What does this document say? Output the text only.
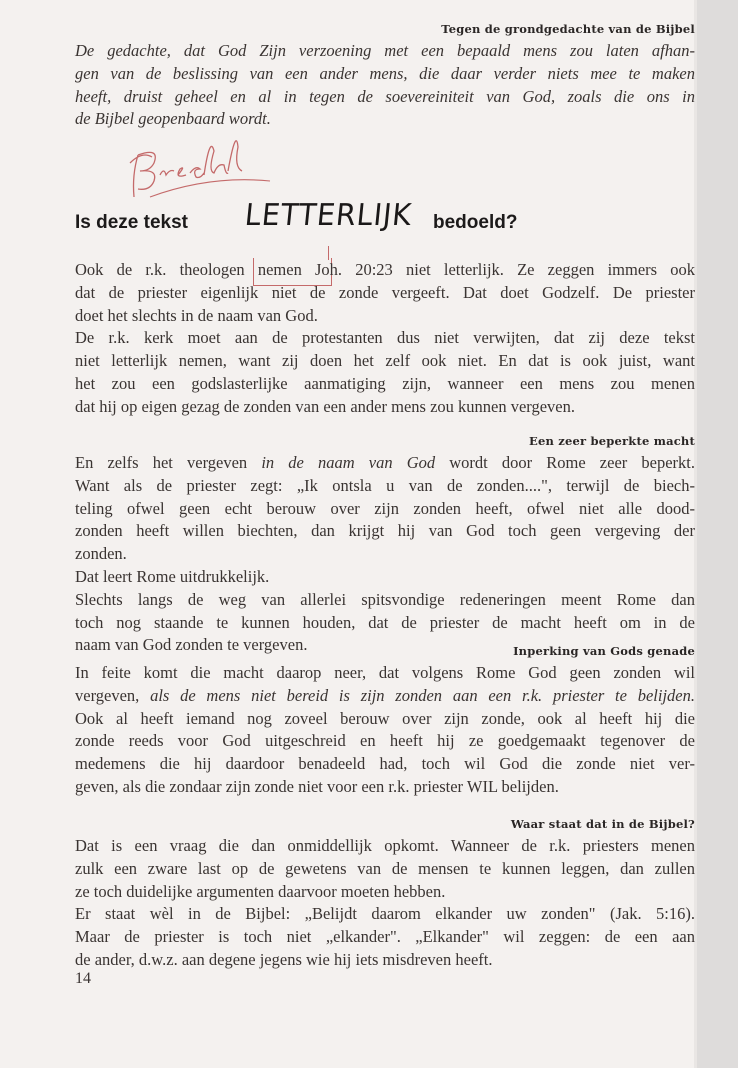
Tegen de grondgedachte van de Bijbel
De gedachte, dat God Zijn verzoening met een bepaald mens zou laten afhan-
gen van de beslissing van een ander mens, die daar verder niets mee te maken
heeft, druist geheel en al in tegen de soevereiniteit van God, zoals die ons in
de Bijbel geopenbaard wordt.
Is deze tekst LETTERLIJK bedoeld?
Ook de r.k. theologen nemen Joh. 20:23 niet letterlijk. Ze zeggen immers ook
dat de priester eigenlijk niet de zonde vergeeft. Dat doet Godzelf. De priester
doet het slechts in de naam van God.
De r.k. kerk moet aan de protestanten dus niet verwijten, dat zij deze tekst
niet letterlijk nemen, want zij doen het zelf ook niet. En dat is ook juist, want
het zou een godslasterlijke aanmatiging zijn, wanneer een mens zou menen
dat hij op eigen gezag de zonden van een ander mens zou kunnen vergeven.
Een zeer beperkte macht
En zelfs het vergeven in de naam van God wordt door Rome zeer beperkt.
Want als de priester zegt: „Ik ontsla u van de zonden....", terwijl de biech-
teling ofwel geen echt berouw over zijn zonden heeft, ofwel niet alle dood-
zonden heeft willen biechten, dan krijgt hij van God toch geen vergeving der
zonden.
Dat leert Rome uitdrukkelijk.
Slechts langs de weg van allerlei spitsvondige redeneringen meent Rome dan
toch nog staande te kunnen houden, dat de priester de macht heeft om in de
naam van God zonden te vergeven.	Inperking van Gods genade
In feite komt die macht daarop neer, dat volgens Rome God geen zonden wil
vergeven, als de mens niet bereid is zijn zonden aan een r.k. priester te belijden.
Ook al heeft iemand nog zoveel berouw over zijn zonde, ook al heeft hij die
zonde reeds voor God uitgeschreid en heeft hij ze goedgemaakt tegenover de
medemens die hij daardoor benadeeld had, toch wil God die zonde niet ver-
geven, als die zondaar zijn zonde niet voor een r.k. priester WIL belijden.
Waar staat dat in de Bijbel?
Dat is een vraag die dan onmiddellijk opkomt. Wanneer de r.k. priesters menen
zulk een zware last op de gewetens van de mensen te kunnen leggen, dan zullen
ze toch duidelijke argumenten daarvoor moeten hebben.
Er staat wèl in de Bijbel: „Belijdt daarom elkander uw zonden" (Jak. 5:16).
Maar de priester is toch niet „elkander". „Elkander" wil zeggen: de een aan
de ander, d.w.z. aan degene jegens wie hij iets misdreven heeft.
14
